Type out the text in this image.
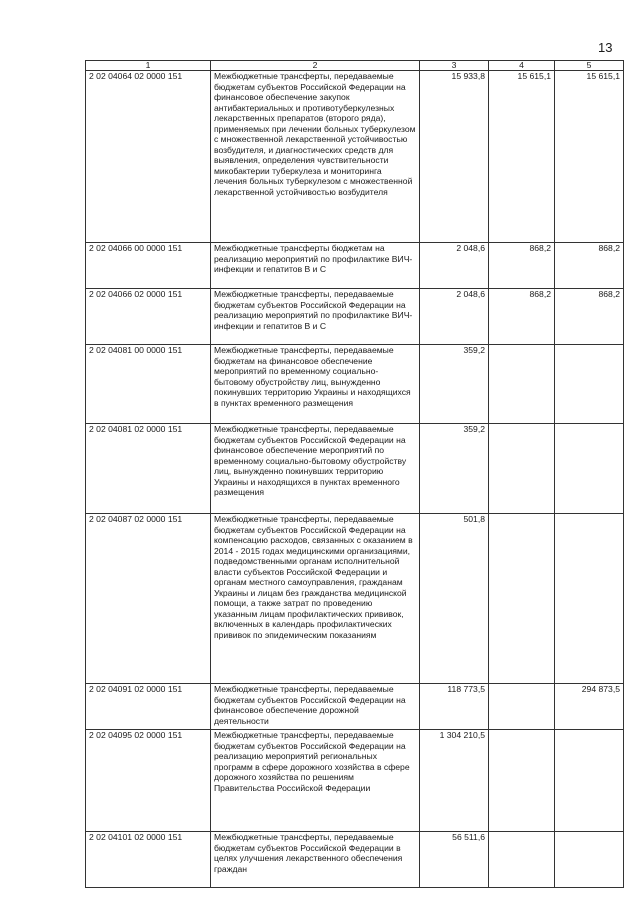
13
1	2	3	4	5
2 02 04064 02 0000 151	Межбюджетные трансферты, передаваемые бюджетам субъектов Российской Федерации на финансовое обеспечение закупок антибактериальных и противотуберкулезных лекарственных препаратов (второго ряда), применяемых при лечении больных туберкулезом с множественной лекарственной устойчивостью возбудителя, и диагностических средств для выявления, определения чувствительности микобактерии туберкулеза и мониторинга лечения больных туберкулезом с множественной лекарственной устойчивостью возбудителя	15 933,8	15 615,1	15 615,1
2 02 04066 00 0000 151	Межбюджетные трансферты бюджетам на реализацию мероприятий по профилактике ВИЧ-инфекции и гепатитов В и С	2 048,6	868,2	868,2
2 02 04066 02 0000 151	Межбюджетные трансферты, передаваемые бюджетам субъектов Российской Федерации на реализацию мероприятий по профилактике ВИЧ-инфекции и гепатитов В и С	2 048,6	868,2	868,2
2 02 04081 00 0000 151	Межбюджетные трансферты, передаваемые бюджетам на финансовое обеспечение мероприятий по временному социально-бытовому обустройству лиц, вынужденно покинувших территорию Украины и находящихся в пунктах временного размещения	359,2		
2 02 04081 02 0000 151	Межбюджетные трансферты, передаваемые бюджетам субъектов Российской Федерации на финансовое обеспечение мероприятий по временному социально-бытовому обустройству лиц, вынужденно покинувших территорию Украины и находящихся в пунктах временного размещения	359,2		
2 02 04087 02 0000 151	Межбюджетные трансферты, передаваемые бюджетам субъектов Российской Федерации на компенсацию расходов, связанных с оказанием в 2014 - 2015 годах медицинскими организациями, подведомственными органам исполнительной власти субъектов Российской Федерации и органам местного самоуправления, гражданам Украины и лицам без гражданства медицинской помощи, а также затрат по проведению указанным лицам профилактических прививок, включенных в календарь профилактических прививок по эпидемическим показаниям	501,8		
2 02 04091 02 0000 151	Межбюджетные трансферты, передаваемые бюджетам субъектов Российской Федерации на финансовое обеспечение дорожной деятельности	118 773,5		294 873,5
2 02 04095 02 0000 151	Межбюджетные трансферты, передаваемые бюджетам субъектов Российской Федерации на реализацию мероприятий региональных программ в сфере дорожного хозяйства в сфере дорожного хозяйства по решениям Правительства Российской Федерации	1 304 210,5		
2 02 04101 02 0000 151	Межбюджетные трансферты, передаваемые бюджетам субъектов Российской Федерации в целях улучшения лекарственного обеспечения граждан	56 511,6		
